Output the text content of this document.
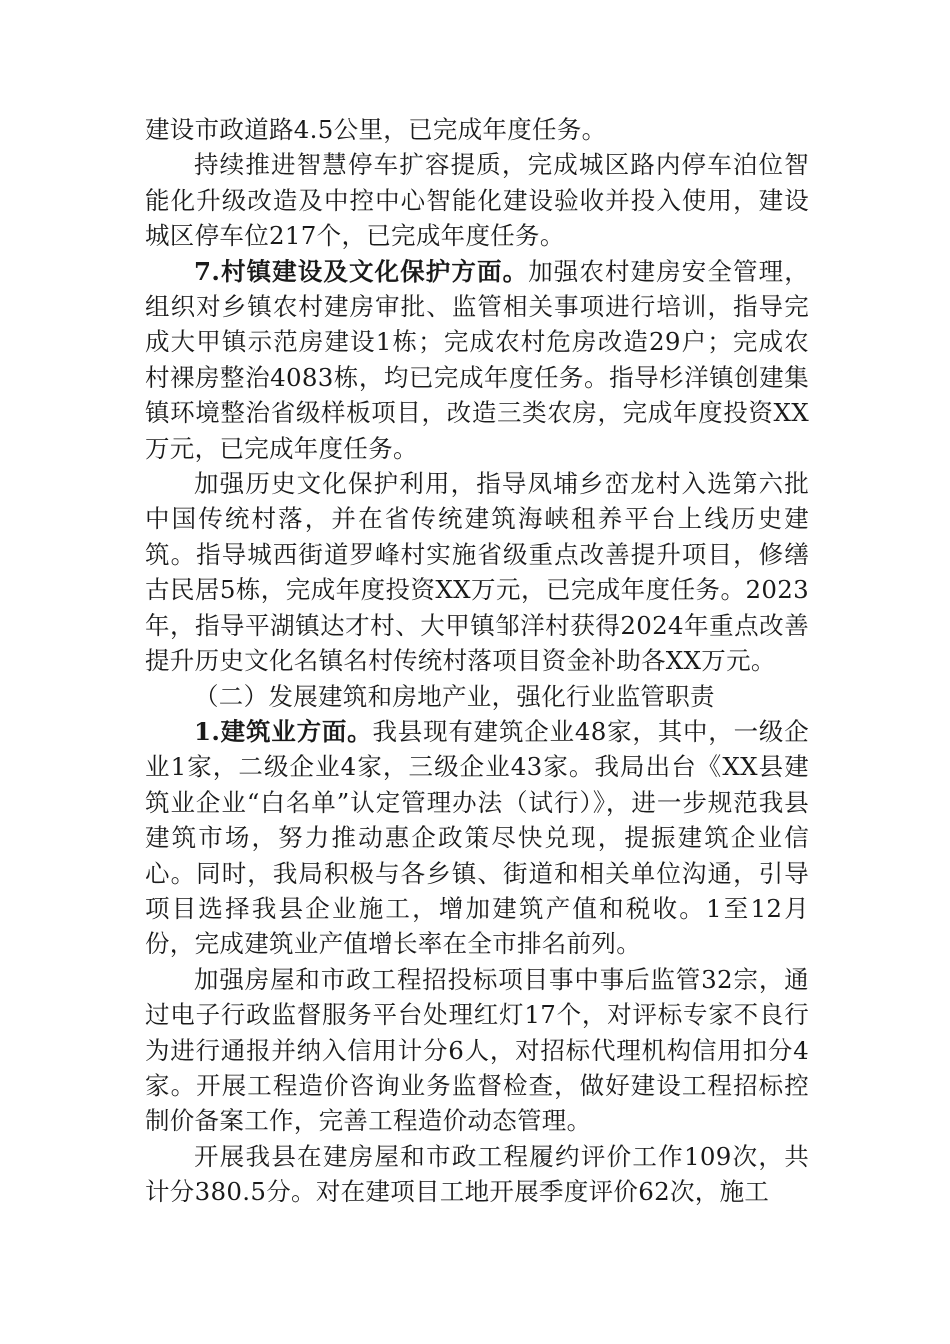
建设市政道路4.5公里，已完成年度任务。

持续推进智慧停车扩容提质，完成城区路内停车泊位智能化升级改造及中控中心智能化建设验收并投入使用，建设城区停车位217个，已完成年度任务。

7.村镇建设及文化保护方面。加强农村建房安全管理，组织对乡镇农村建房审批、监管相关事项进行培训，指导完成大甲镇示范房建设1栋；完成农村危房改造29户；完成农村裸房整治4083栋，均已完成年度任务。指导杉洋镇创建集镇环境整治省级样板项目，改造三类农房，完成年度投资XX万元，已完成年度任务。

加强历史文化保护利用，指导凤埔乡峦龙村入选第六批中国传统村落，并在省传统建筑海峡租养平台上线历史建筑。指导城西街道罗峰村实施省级重点改善提升项目，修缮古民居5栋，完成年度投资XX万元，已完成年度任务。2023年，指导平湖镇达才村、大甲镇邹洋村获得2024年重点改善提升历史文化名镇名村传统村落项目资金补助各XX万元。

（二）发展建筑和房地产业，强化行业监管职责

1.建筑业方面。我县现有建筑企业48家，其中，一级企业1家，二级企业4家，三级企业43家。我局出台《XX县建筑业企业“白名单”认定管理办法（试行）》，进一步规范我县建筑市场，努力推动惠企政策尽快兑现，提振建筑企业信心。同时，我局积极与各乡镇、街道和相关单位沟通，引导项目选择我县企业施工，增加建筑产值和税收。1至12月份，完成建筑业产值增长率在全市排名前列。

加强房屋和市政工程招投标项目事中事后监管32宗，通过电子行政监督服务平台处理红灯17个，对评标专家不良行为进行通报并纳入信用计分6人，对招标代理机构信用扣分4家。开展工程造价咨询业务监督检查，做好建设工程招标控制价备案工作，完善工程造价动态管理。

开展我县在建房屋和市政工程履约评价工作109次，共计分380.5分。对在建项目工地开展季度评价62次，施工
